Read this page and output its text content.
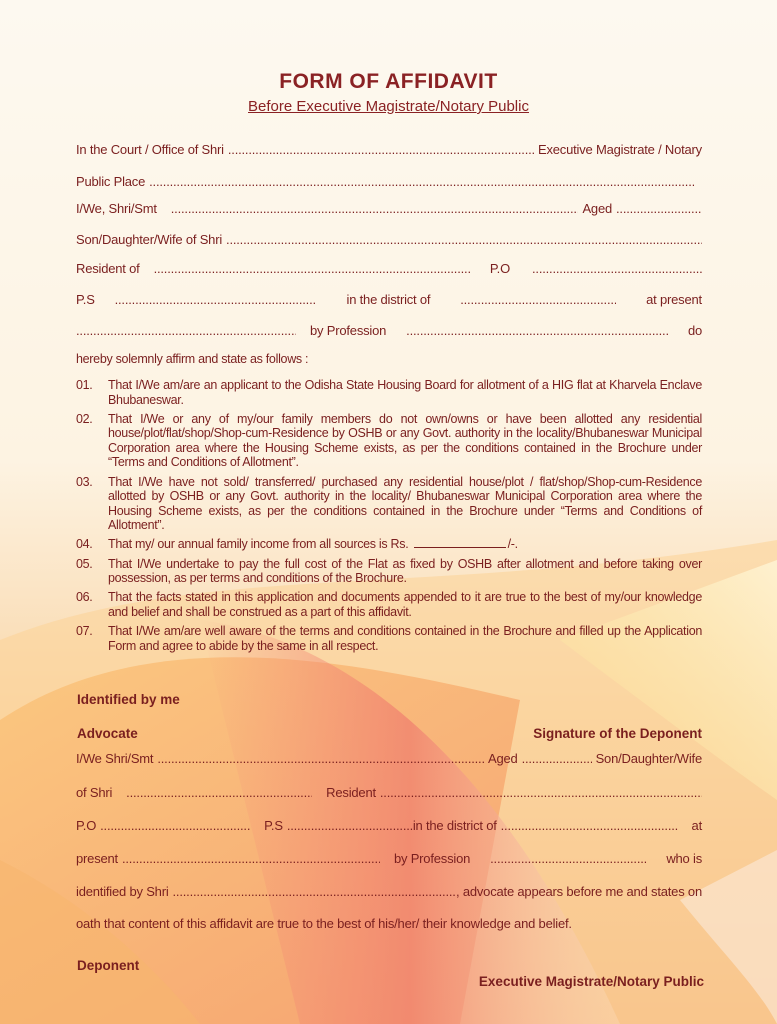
FORM OF AFFIDAVIT
Before Executive Magistrate/Notary Public
In the Court / Office of Shri .....	Executive Magistrate / Notary
Public Place
.....
I/We, Shri/Smt .....	Aged
.....
Son/Daughter/Wife of Shri
.....
Resident of .....	P.O
.....
P.S .....	in the district of .....	at present
.....
by Profession .....	do
hereby solemnly affirm and state as follows :
01.	That I/We am/are an applicant to the Odisha State Housing Board for allotment of a HIG flat at Kharvela Enclave Bhubaneswar.
02.	That I/We or any of my/our family members do not own/owns or have been allotted any residential house/plot/flat/shop/Shop-cum-Residence by OSHB or any Govt. authority in the locality/Bhubaneswar Municipal Corporation area where the Housing Scheme exists, as per the conditions contained in the Brochure under “Terms and Conditions of Allotment”.
03.	That I/We have not sold/ transferred/ purchased any residential house/plot / flat/shop/Shop-cum-Residence allotted by OSHB or any Govt. authority in the locality/ Bhubaneswar Municipal Corporation area where the Housing Scheme exists, as per the conditions contained in the Brochure under “Terms and Conditions of Allotment”.
04.	That my/ our annual family income from all sources is Rs.	/-.
05.	That I/We undertake to pay the full cost of the Flat as fixed by OSHB after allotment and before taking over possession, as per terms and conditions of the Brochure.
06.	That the facts stated in this application and documents appended to it are true to the best of my/our knowledge and belief and shall be construed as a part of this affidavit.
07.	That I/We am/are well aware of the terms and conditions contained in the Brochure and filled up the Application Form and agree to abide by the same in all respect.
Identified by me
Advocate	Signature of the Deponent
I/We Shri/Smt .....	Aged .....	Son/Daughter/Wife
of Shri .....	Resident
.....
P.O .....	P.S .....	in the district of .....	at
present .....	by Profession .....	who is
identified by Shri .....	, advocate appears before me and states on
oath that content of this affidavit are true to the best of his/her/ their knowledge and belief.
Deponent
Executive Magistrate/Notary Public
